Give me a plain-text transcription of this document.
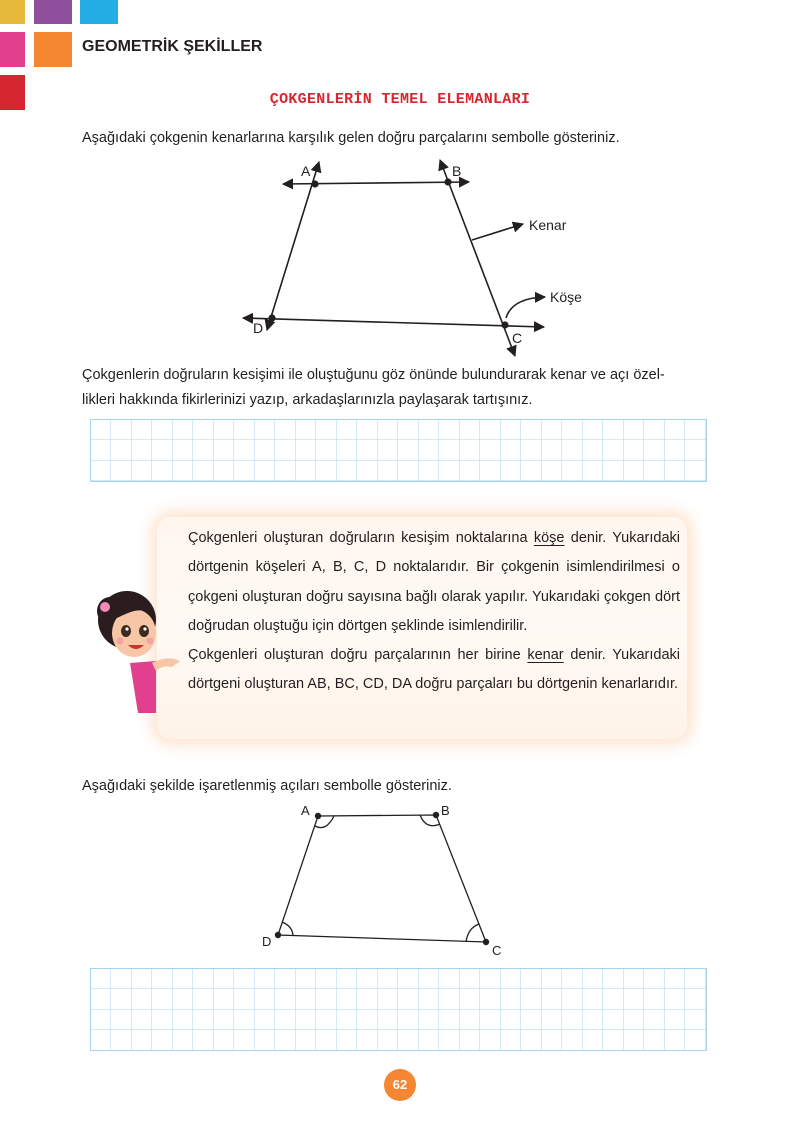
GEOMETRİK ŞEKİLLER
ÇOKGENLERİN TEMEL ELEMANLARI
Aşağıdaki çokgenin kenarlarına karşılık gelen doğru parçalarını sembolle gösteriniz.
A	B
C
D
Kenar
Köşe
Çokgenlerin doğruların kesişimi ile oluştuğunu göz önünde bulundurarak kenar ve açı özel-
likleri hakkında fikirlerinizi yazıp, arkadaşlarınızla paylaşarak tartışınız.
Çokgenleri oluşturan doğruların kesişim noktalarına köşe denir. Yukarıdaki dörtgenin köşeleri A, B, C, D noktalarıdır. Bir çokgenin isimlendirilmesi o çokgeni oluşturan doğru sayısına bağlı olarak yapılır. Yukarıdaki çokgen dört doğrudan oluştuğu için dörtgen şeklinde isimlendirilir.
Çokgenleri oluşturan doğru parçalarının her birine kenar denir. Yukarıdaki dörtgeni oluşturan AB, BC, CD, DA doğru parçaları bu dörtgenin kenarlarıdır.
Aşağıdaki şekilde işaretlenmiş açıları sembolle gösteriniz.
A	B
C
D
62
